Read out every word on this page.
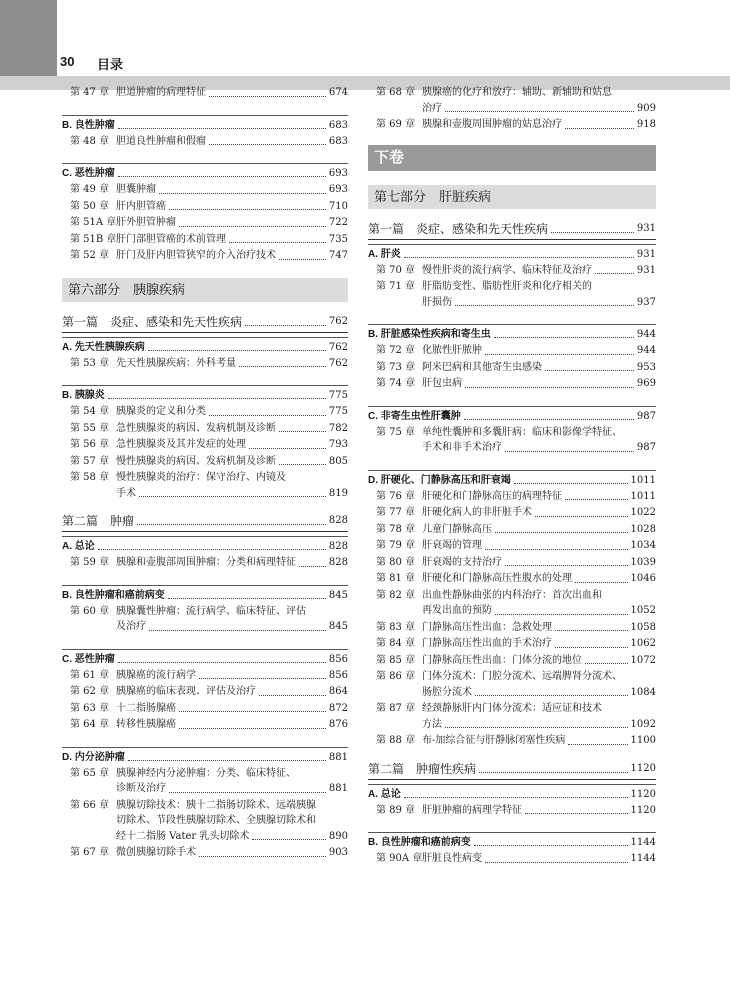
30 目录
第 47 章 胆道肿瘤的病理特征	674
B. 良性肿瘤	683
第 48 章 胆道良性肿瘤和假瘤	683
C. 恶性肿瘤	693
第 49 章 胆囊肿瘤	693
第 50 章 肝内胆管癌	710
第 51A 章 肝外胆管肿瘤	722
第 51B 章 肝门部胆管癌的术前管理	735
第 52 章 肝门及肝内胆管狭窄的介入治疗技术	747
第六部分　胰腺疾病
第一篇　炎症、感染和先天性疾病	762
A. 先天性胰腺疾病	762
第 53 章 先天性胰腺疾病：外科考量	762
B. 胰腺炎	775
第 54 章 胰腺炎的定义和分类	775
第 55 章 急性胰腺炎的病因、发病机制及诊断	782
第 56 章 急性胰腺炎及其并发症的处理	793
第 57 章 慢性胰腺炎的病因、发病机制及诊断	805
第 58 章 慢性胰腺炎的治疗：保守治疗、内镜及
手术	819
第二篇　肿瘤	828
A. 总论	828
第 59 章 胰腺和壶腹部周围肿瘤：分类和病理特征	828
B. 良性肿瘤和癌前病变	845
第 60 章 胰腺囊性肿瘤：流行病学、临床特征、评估
及治疗	845
C. 恶性肿瘤	856
第 61 章 胰腺癌的流行病学	856
第 62 章 胰腺癌的临床表现、评估及治疗	864
第 63 章 十二指肠腺癌	872
第 64 章 转移性胰腺癌	876
D. 内分泌肿瘤	881
第 65 章 胰腺神经内分泌肿瘤：分类、临床特征、
诊断及治疗	881
第 66 章 胰腺切除技术：胰十二指肠切除术、远端胰腺
切除术、节段性胰腺切除术、全胰腺切除术和
经十二指肠 Vater 乳头切除术	890
第 67 章 微创胰腺切除手术	903
第 68 章 胰腺癌的化疗和放疗：辅助、新辅助和姑息
治疗	909
第 69 章 胰腺和壶腹周围肿瘤的姑息治疗	918
下卷
第七部分　肝脏疾病
第一篇　炎症、感染和先天性疾病	931
A. 肝炎	931
第 70 章 慢性肝炎的流行病学、临床特征及治疗	931
第 71 章 肝脂肪变性、脂肪性肝炎和化疗相关的
肝损伤	937
B. 肝脏感染性疾病和寄生虫	944
第 72 章 化脓性肝脓肿	944
第 73 章 阿米巴病和其他寄生虫感染	953
第 74 章 肝包虫病	969
C. 非寄生虫性肝囊肿	987
第 75 章 单纯性囊肿和多囊肝病：临床和影像学特征、
手术和非手术治疗	987
D. 肝硬化、门静脉高压和肝衰竭	1011
第 76 章 肝硬化和门静脉高压的病理特征	1011
第 77 章 肝硬化病人的非肝脏手术	1022
第 78 章 儿童门静脉高压	1028
第 79 章 肝衰竭的管理	1034
第 80 章 肝衰竭的支持治疗	1039
第 81 章 肝硬化和门静脉高压性腹水的处理	1046
第 82 章 出血性静脉曲张的内科治疗：首次出血和
再发出血的预防	1052
第 83 章 门静脉高压性出血：急救处理	1058
第 84 章 门静脉高压性出血的手术治疗	1062
第 85 章 门静脉高压性出血：门体分流的地位	1072
第 86 章 门体分流术：门腔分流术、远端脾肾分流术、
肠腔分流术	1084
第 87 章 经颈静脉肝内门体分流术：适应证和技术
方法	1092
第 88 章 布-加综合征与肝静脉闭塞性疾病	1100
第二篇　肿瘤性疾病	1120
A. 总论	1120
第 89 章 肝脏肿瘤的病理学特征	1120
B. 良性肿瘤和癌前病变	1144
第 90A 章 肝脏良性病变	1144
